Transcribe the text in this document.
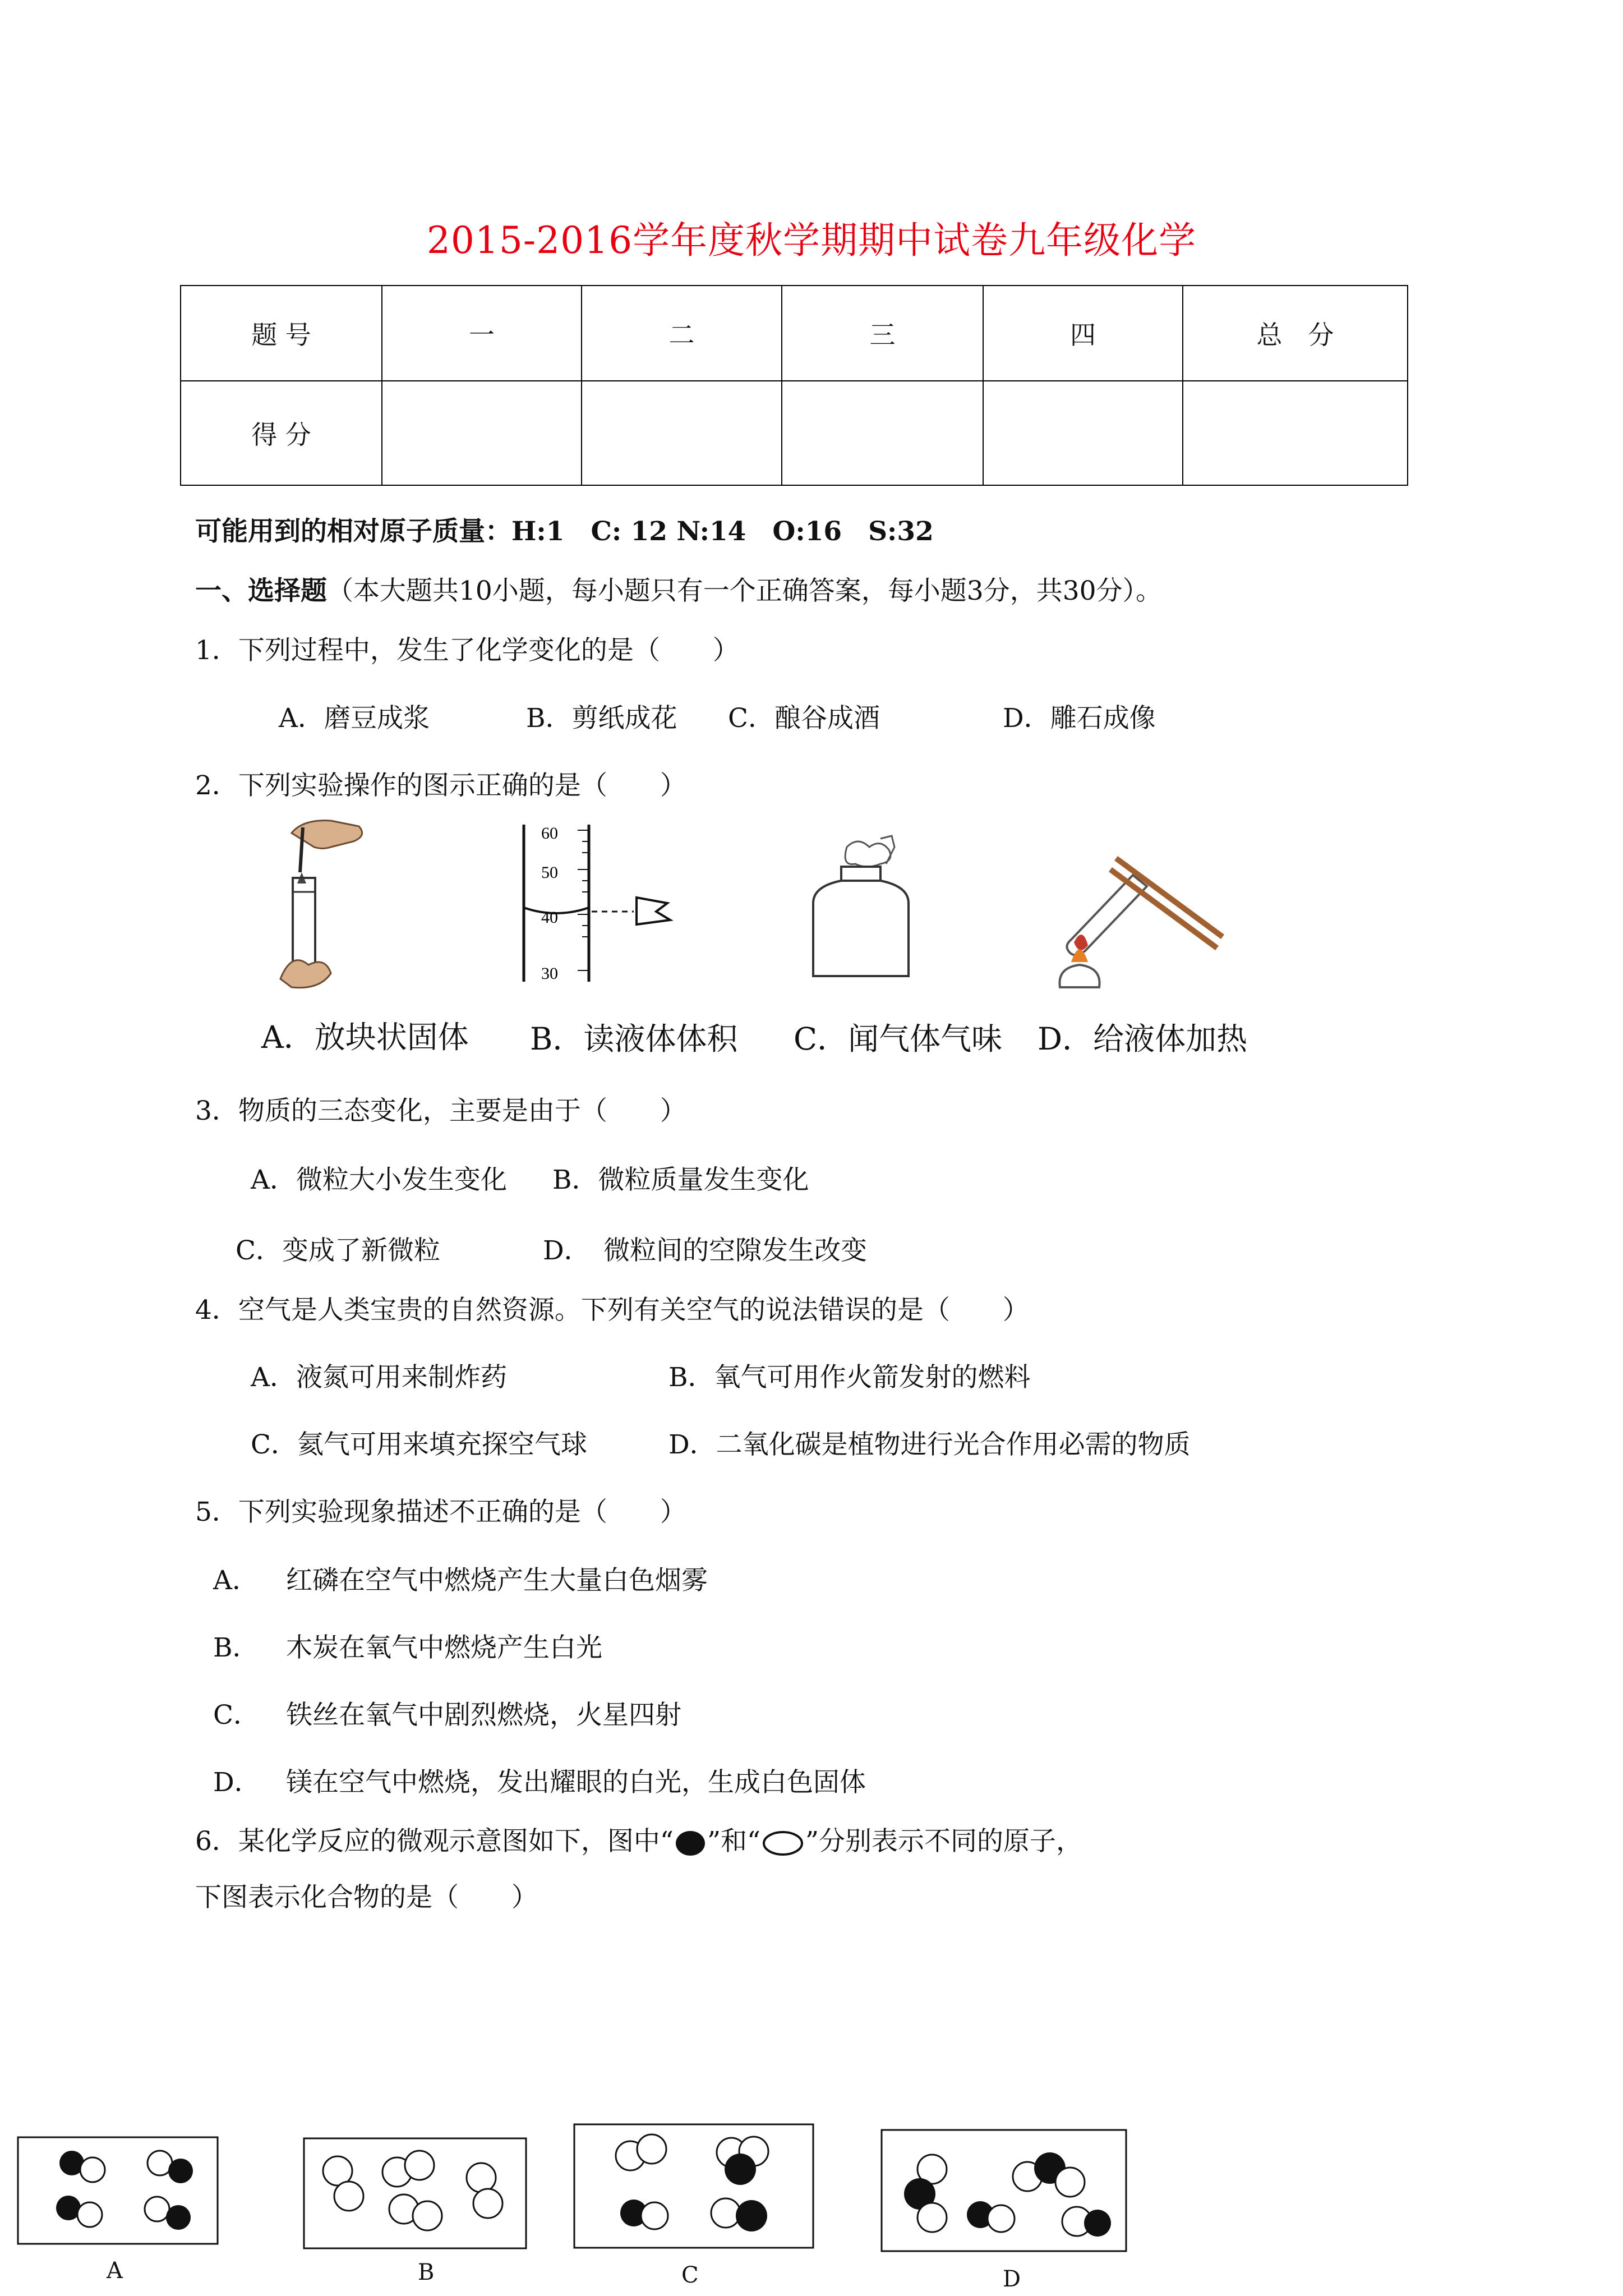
2015-2016学年度秋学期期中试卷九年级化学
题 号	一	二	三	四	总　分
得 分					
可能用到的相对原子质量：H:1　C: 12 N:14　O:16　S:32
一、选择题（本大题共10小题，每小题只有一个正确答案，每小题3分，共30分）。
1．下列过程中，发生了化学变化的是（　　）
A．磨豆成浆	B．剪纸成花 C．酿谷成酒	D．雕石成像
2．下列实验操作的图示正确的是（　　）
60
50
40
30
A．放块状固体 B．读液体体积 C．闻气体气味 D．给液体加热
3．物质的三态变化，主要是由于（　　）
A．微粒大小发生变化 B．微粒质量发生变化
C．变成了新微粒	D．　微粒间的空隙发生改变
4．空气是人类宝贵的自然资源。下列有关空气的说法错误的是（　　）
A．液氮可用来制炸药	B．氧气可用作火箭发射的燃料
C．氦气可用来填充探空气球	D．二氧化碳是植物进行光合作用必需的物质
5．下列实验现象描述不正确的是（　　）
A． 红磷在空气中燃烧产生大量白色烟雾
B． 木炭在氧气中燃烧产生白光
C． 铁丝在氧气中剧烈燃烧，火星四射
D． 镁在空气中燃烧，发出耀眼的白光，生成白色固体
6．某化学反应的微观示意图如下，图中“ ”和“ ”分别表示不同的原子，
下图表示化合物的是（　　）
A	B	C	D
